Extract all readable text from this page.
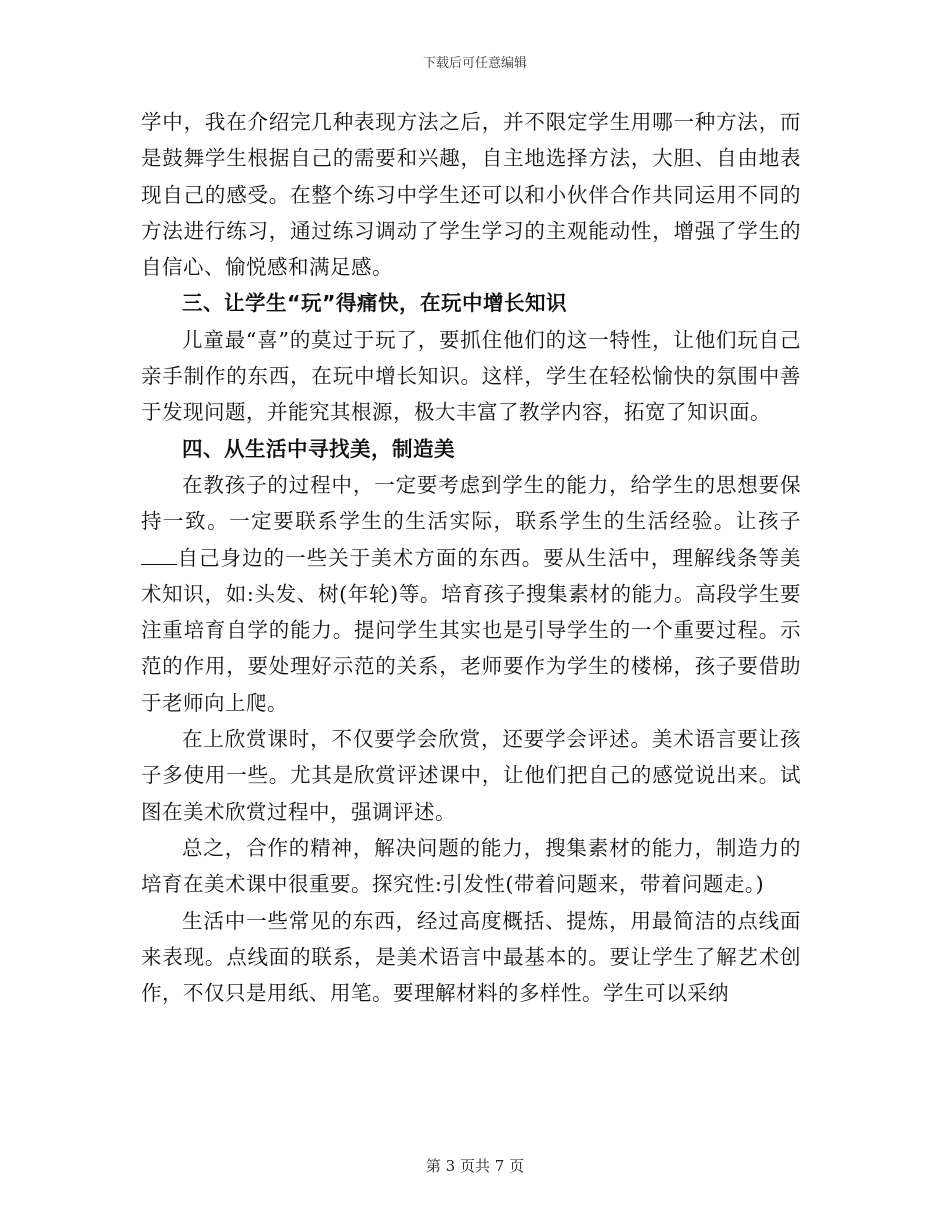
下载后可任意编辑

学中，我在介绍完几种表现方法之后，并不限定学生用哪一种方法，而是鼓舞学生根据自己的需要和兴趣，自主地选择方法，大胆、自由地表现自己的感受。在整个练习中学生还可以和小伙伴合作共同运用不同的方法进行练习，通过练习调动了学生学习的主观能动性，增强了学生的自信心、愉悦感和满足感。

三、让学生“玩”得痛快，在玩中增长知识

儿童最“喜”的莫过于玩了，要抓住他们的这一特性，让他们玩自己亲手制作的东西，在玩中增长知识。这样，学生在轻松愉快的氛围中善于发现问题，并能究其根源，极大丰富了教学内容，拓宽了知识面。

四、从生活中寻找美，制造美

在教孩子的过程中，一定要考虑到学生的能力，给学生的思想要保持一致。一定要联系学生的生活实际，联系学生的生活经验。让孩子自己身边的一些关于美术方面的东西。要从生活中，理解线条等美术知识，如:头发、树(年轮)等。培育孩子搜集素材的能力。高段学生要注重培育自学的能力。提问学生其实也是引导学生的一个重要过程。示范的作用，要处理好示范的关系，老师要作为学生的楼梯，孩子要借助于老师向上爬。

在上欣赏课时，不仅要学会欣赏，还要学会评述。美术语言要让孩子多使用一些。尤其是欣赏评述课中，让他们把自己的感觉说出来。试图在美术欣赏过程中，强调评述。

总之，合作的精神，解决问题的能力，搜集素材的能力，制造力的培育在美术课中很重要。探究性:引发性(带着问题来，带着问题走。)

生活中一些常见的东西，经过高度概括、提炼，用最简洁的点线面来表现。点线面的联系，是美术语言中最基本的。要让学生了解艺术创作，不仅只是用纸、用笔。要理解材料的多样性。学生可以采纳

第 3 页共 7 页
